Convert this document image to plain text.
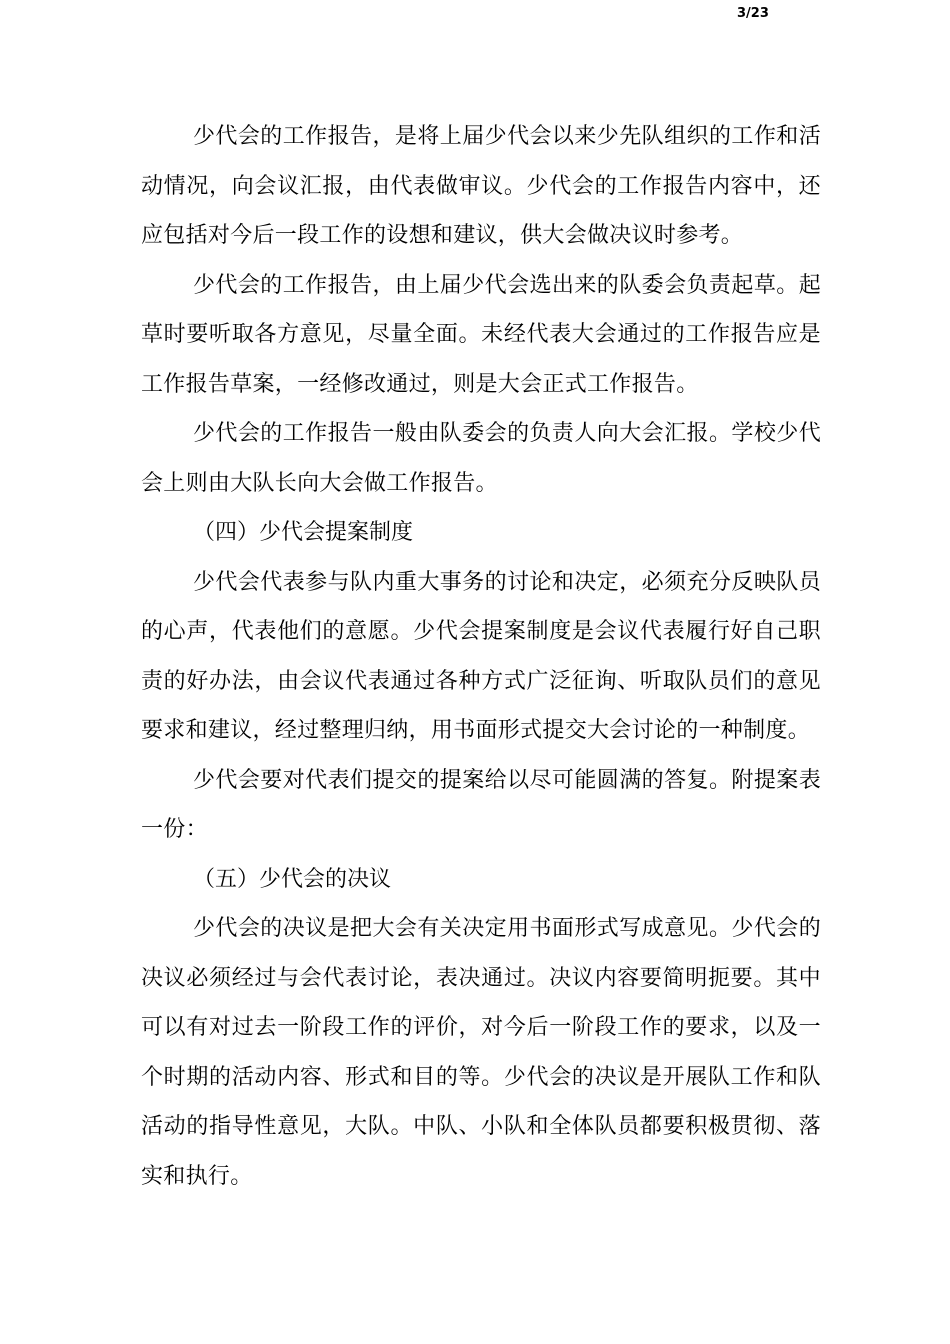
3/23

少代会的工作报告，是将上届少代会以来少先队组织的工作和活动情况，向会议汇报，由代表做审议。少代会的工作报告内容中，还应包括对今后一段工作的设想和建议，供大会做决议时参考。

少代会的工作报告，由上届少代会选出来的队委会负责起草。起草时要听取各方意见，尽量全面。未经代表大会通过的工作报告应是工作报告草案，一经修改通过，则是大会正式工作报告。

少代会的工作报告一般由队委会的负责人向大会汇报。学校少代会上则由大队长向大会做工作报告。

（四）少代会提案制度

少代会代表参与队内重大事务的讨论和决定，必须充分反映队员的心声，代表他们的意愿。少代会提案制度是会议代表履行好自己职责的好办法，由会议代表通过各种方式广泛征询、听取队员们的意见要求和建议，经过整理归纳，用书面形式提交大会讨论的一种制度。

少代会要对代表们提交的提案给以尽可能圆满的答复。附提案表一份：

（五）少代会的决议

少代会的决议是把大会有关决定用书面形式写成意见。少代会的决议必须经过与会代表讨论，表决通过。决议内容要简明扼要。其中可以有对过去一阶段工作的评价，对今后一阶段工作的要求，以及一个时期的活动内容、形式和目的等。少代会的决议是开展队工作和队活动的指导性意见，大队。中队、小队和全体队员都要积极贯彻、落实和执行。
